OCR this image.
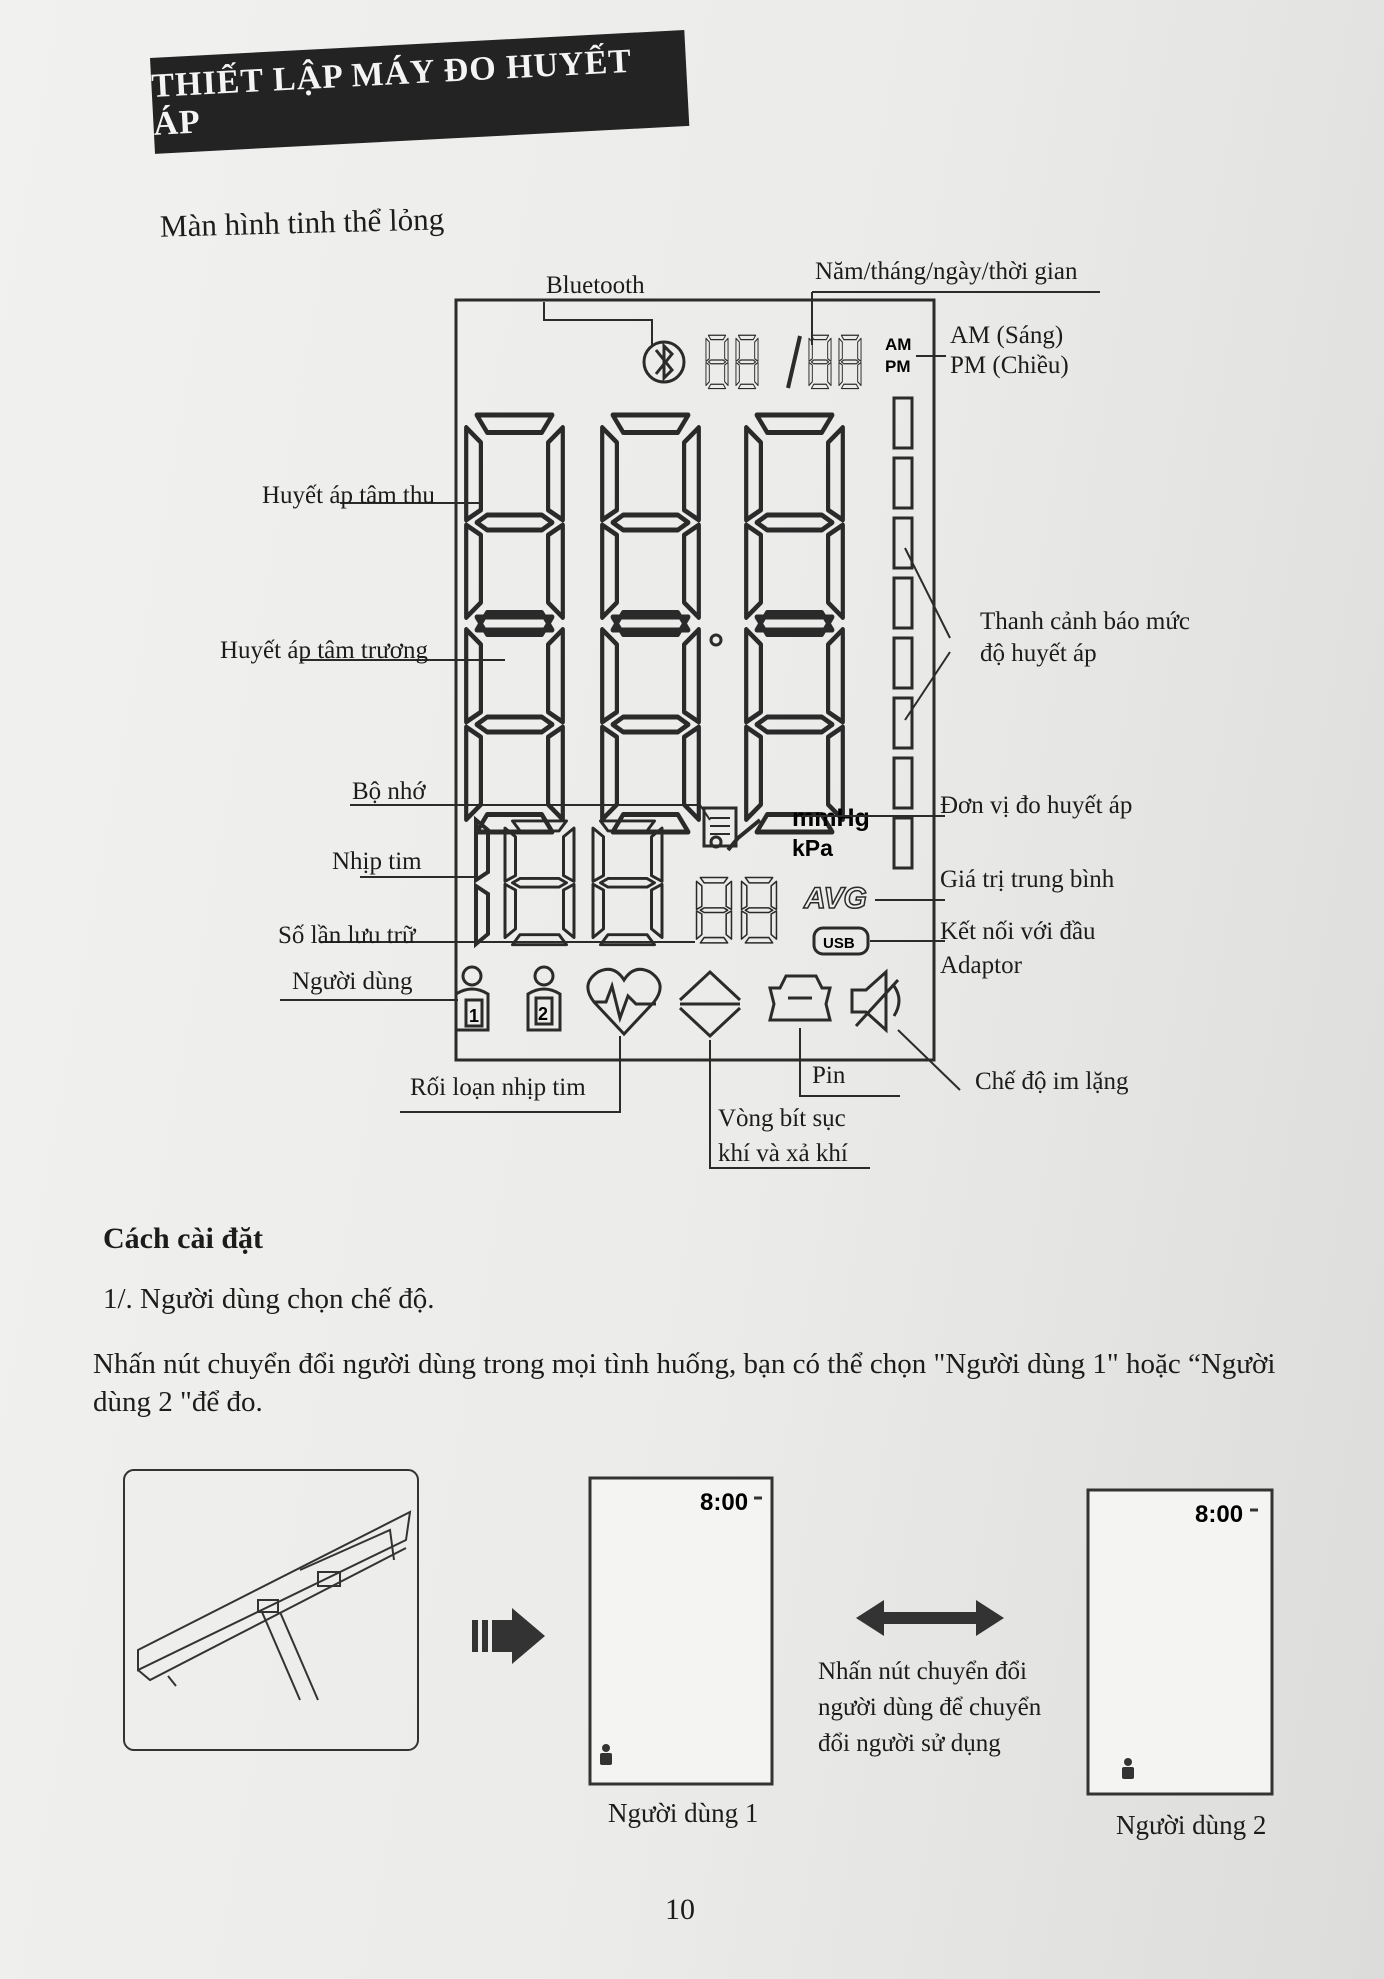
THIẾT LẬP MÁY ĐO HUYẾT ÁP
Màn hình tinh thể lỏng
AM
PM
mmHg
kPa
AVG
USB
1	2
Bluetooth
Năm/tháng/ngày/thời gian
AM (Sáng)
PM (Chiều)
Huyết áp tâm thu
Huyết áp tâm trương
Thanh cảnh báo mức
độ huyết áp
Bộ nhớ
Đơn vị đo huyết áp
Nhịp tim
Giá trị trung bình
Số lần lưu trữ	Kết nối với đầu
Adaptor
Người dùng
Rối loạn nhịp tim	Pin	Chế độ im lặng
Vòng bít sục
khí và xả khí
Cách cài đặt
1/. Người dùng chọn chế độ.
Nhấn nút chuyển đổi người dùng trong mọi tình huống, bạn có thể chọn "Người dùng 1" hoặc “Người dùng 2 "để đo.
8:00	8:00
Nhấn nút chuyển đổi
người dùng để chuyển
đổi người sử dụng
Người dùng 1	Người dùng 2
10
